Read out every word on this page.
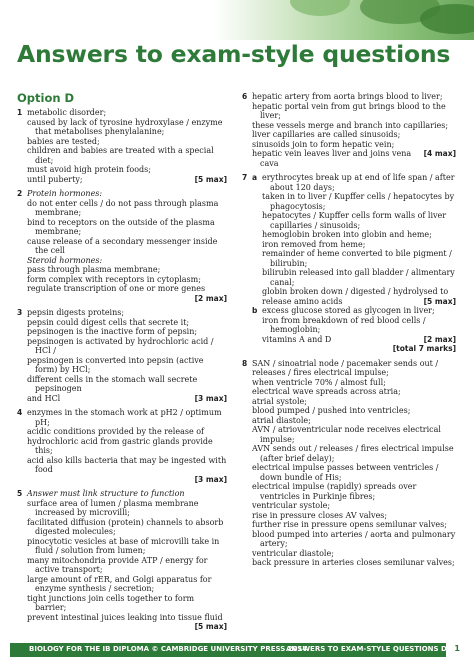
Answers to exam-style questions
Option D
1 metabolic disorder;
caused by lack of tyrosine hydroxylase / enzyme that metabolises phenylalanine;
babies are tested;
children and babies are treated with a special diet;
must avoid high protein foods;
[5 max]
until puberty;
2 Protein hormones:
do not enter cells / do not pass through plasma membrane;
bind to receptors on the outside of the plasma membrane;
cause release of a secondary messenger inside the cell
Steroid hormones:
pass through plasma membrane;
form complex with receptors in cytoplasm;
regulate transcription of one or more genes
[2 max]
3 pepsin digests proteins;
pepsin could digest cells that secrete it;
pepsinogen is the inactive form of pepsin;
pepsinogen is activated by hydrochloric acid / HCl /
pepsinogen is converted into pepsin (active form) by HCl;
different cells in the stomach wall secrete pepsinogen
[3 max]
and HCl
4 enzymes in the stomach work at pH2 / optimum pH;
acidic conditions provided by the release of
hydrochloric acid from gastric glands provide this;
acid also kills bacteria that may be ingested with food
[3 max]
5 Answer must link structure to function
surface area of lumen / plasma membrane increased by microvilli;
facilitated diffusion (protein) channels to absorb digested molecules;
pinocytotic vesicles at base of microvilli take in fluid / solution from lumen;
many mitochondria provide ATP / energy for active transport;
large amount of rER, and Golgi apparatus for enzyme synthesis / secretion;
tight junctions join cells together to form barrier;
prevent intestinal juices leaking into tissue fluid
[5 max]
6 hepatic artery from aorta brings blood to liver;
hepatic portal vein from gut brings blood to the liver;
these vessels merge and branch into capillaries;
liver capillaries are called sinusoids;
sinusoids join to form hepatic vein;
[4 max]
hepatic vein leaves liver and joins vena cava
7 a erythrocytes break up at end of life span / after about 120 days;
taken in to liver / Kupffer cells / hepatocytes by phagocytosis;
hepatocytes / Kupffer cells form walls of liver capillaries / sinusoids;
hemoglobin broken into globin and heme;
iron removed from heme;
remainder of heme converted to bile pigment / bilirubin;
bilirubin released into gall bladder / alimentary canal;
globin broken down / digested / hydrolysed to
[5 max]
release amino acids
b excess glucose stored as glycogen in liver;
iron from breakdown of red blood cells / hemoglobin;
[2 max]
vitamins A and D
[total 7 marks]
8 SAN / sinoatrial node / pacemaker sends out /
releases / fires electrical impulse;
when ventricle 70% / almost full;
electrical wave spreads across atria;
atrial systole;
blood pumped / pushed into ventricles;
atrial diastole;
AVN / atrioventricular node receives electrical impulse;
AVN sends out / releases / fires electrical impulse (after brief delay);
electrical impulse passes between ventricles / down bundle of His;
electrical impulse (rapidly) spreads over ventricles in Purkinje fibres;
ventricular systole;
rise in pressure closes AV valves;
further rise in pressure opens semilunar valves;
blood pumped into arteries / aorta and pulmonary artery;
ventricular diastole;
back pressure in arteries closes semilunar valves;
BIOLOGY FOR THE IB DIPLOMA © CAMBRIDGE UNIVERSITY PRESS 2014
ANSWERS TO EXAM-STYLE QUESTIONS D 1
